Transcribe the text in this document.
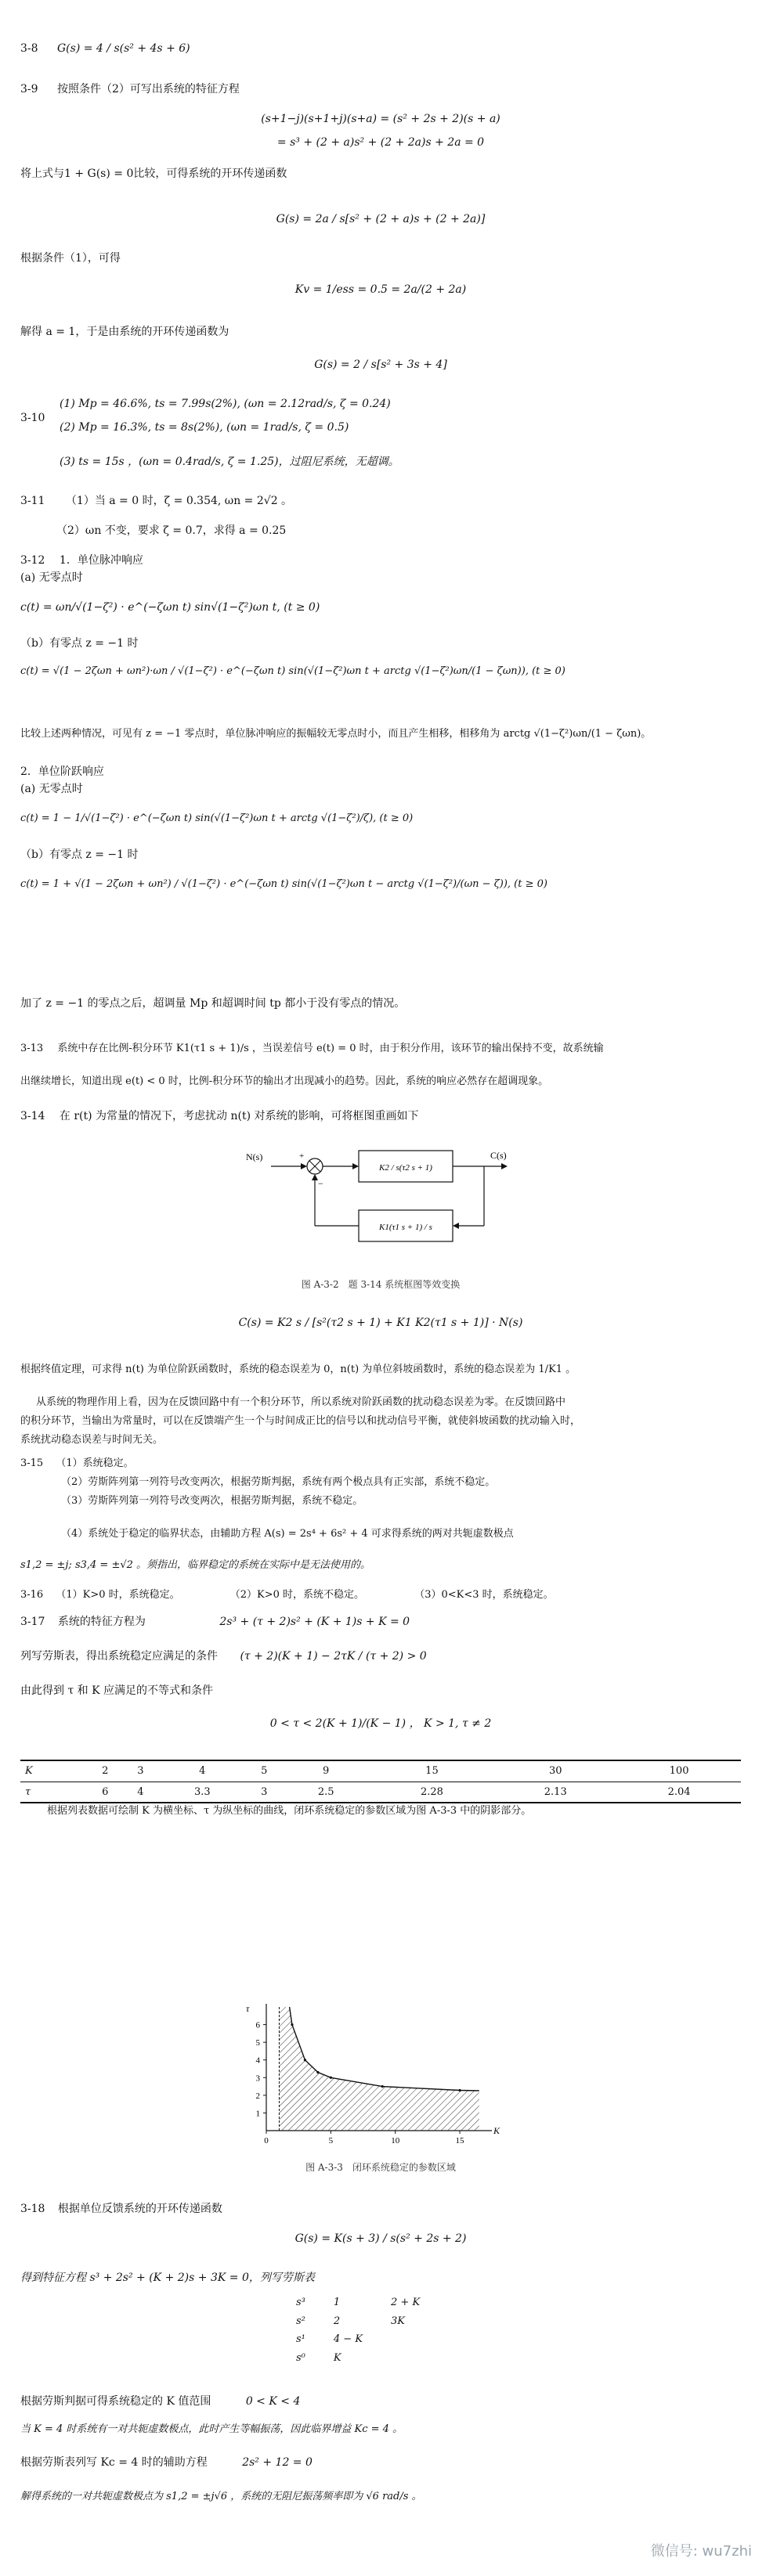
3-8 G(s) = 4 / s(s² + 4s + 6)
3-9 按照条件（2）可写出系统的特征方程
(s+1−j)(s+1+j)(s+a) = (s² + 2s + 2)(s + a)
= s³ + (2 + a)s² + (2 + 2a)s + 2a = 0
将上式与1 + G(s) = 0比较，可得系统的开环传递函数
G(s) = 2a / s[s² + (2 + a)s + (2 + 2a)]
根据条件（1），可得
Kv = 1/ess = 0.5 = 2a/(2 + 2a)
解得 a = 1，于是由系统的开环传递函数为
G(s) = 2 / s[s² + 3s + 4]
3-10
(1) Mp = 46.6%, ts = 7.99s(2%), (ωn = 2.12rad/s, ζ = 0.24)
(2) Mp = 16.3%, ts = 8s(2%), (ωn = 1rad/s, ζ = 0.5)
(3) ts = 15s ，(ωn = 0.4rad/s, ζ = 1.25)，过阻尼系统，无超调。
3-11 （1）当 a = 0 时，ζ = 0.354, ωn = 2√2 。
（2）ωn 不变，要求 ζ = 0.7，求得 a = 0.25
3-12 1．单位脉冲响应
(a) 无零点时
c(t) = ωn/√(1−ζ²) · e^(−ζωn t) sin√(1−ζ²)ωn t, (t ≥ 0)
（b）有零点 z = −1 时
c(t) = √(1 − 2ζωn + ωn²)·ωn / √(1−ζ²) · e^(−ζωn t) sin(√(1−ζ²)ωn t + arctg √(1−ζ²)ωn/(1 − ζωn)), (t ≥ 0)
比较上述两种情况，可见有 z = −1 零点时，单位脉冲响应的振幅较无零点时小，而且产生相移，相移角为 arctg √(1−ζ²)ωn/(1 − ζωn)。
2．单位阶跃响应
(a) 无零点时
c(t) = 1 − 1/√(1−ζ²) · e^(−ζωn t) sin(√(1−ζ²)ωn t + arctg √(1−ζ²)/ζ), (t ≥ 0)
（b）有零点 z = −1 时
c(t) = 1 + √(1 − 2ζωn + ωn²) / √(1−ζ²) · e^(−ζωn t) sin(√(1−ζ²)ωn t − arctg √(1−ζ²)/(ωn − ζ)), (t ≥ 0)
加了 z = −1 的零点之后，超调量 Mp 和超调时间 tp 都小于没有零点的情况。
3-13 系统中存在比例-积分环节 K1(τ1 s + 1)/s ，当误差信号 e(t) = 0 时，由于积分作用，该环节的输出保持不变，故系统输
出继续增长，知道出现 e(t) < 0 时，比例-积分环节的输出才出现减小的趋势。因此，系统的响应必然存在超调现象。
3-14 在 r(t) 为常量的情况下，考虑扰动 n(t) 对系统的影响，可将框图重画如下
N(s)	+
−
K2 / s(τ2 s + 1)
C(s)
K1(τ1 s + 1) / s
图 A-3-2　题 3-14 系统框图等效变换
C(s) = K2 s / [s²(τ2 s + 1) + K1 K2(τ1 s + 1)] · N(s)
根据终值定理，可求得 n(t) 为单位阶跃函数时，系统的稳态误差为 0，n(t) 为单位斜坡函数时，系统的稳态误差为 1/K1 。
从系统的物理作用上看，因为在反馈回路中有一个积分环节，所以系统对阶跃函数的扰动稳态误差为零。在反馈回路中
的积分环节，当输出为常量时，可以在反馈端产生一个与时间成正比的信号以和扰动信号平衡，就使斜坡函数的扰动输入时，
系统扰动稳态误差与时间无关。
3-15 （1）系统稳定。
（2）劳斯阵列第一列符号改变两次，根据劳斯判据，系统有两个极点具有正实部，系统不稳定。
（3）劳斯阵列第一列符号改变两次，根据劳斯判据，系统不稳定。
（4）系统处于稳定的临界状态，由辅助方程 A(s) = 2s⁴ + 6s² + 4 可求得系统的两对共轭虚数极点
s1,2 = ±j; s3,4 = ±√2 。须指出，临界稳定的系统在实际中是无法使用的。
3-16 （1）K>0 时，系统稳定。	（2）K>0 时，系统不稳定。	（3）0<K<3 时，系统稳定。
3-17 系统的特征方程为	2s³ + (τ + 2)s² + (K + 1)s + K = 0
列写劳斯表，得出系统稳定应满足的条件 (τ + 2)(K + 1) − 2τK / (τ + 2) > 0
由此得到 τ 和 K 应满足的不等式和条件
0 < τ < 2(K + 1)/(K − 1) ， K > 1, τ ≠ 2
K	2	3	4	5	9	15	30	100
τ	6	4	3.3	3	2.5	2.28	2.13	2.04
根据列表数据可绘制 K 为横坐标、τ 为纵坐标的曲线，闭环系统稳定的参数区域为图 A-3-3 中的阴影部分。
0	5	10	15
K
1
2
3
4
5
6
τ
图 A-3-3　闭环系统稳定的参数区域
3-18 根据单位反馈系统的开环传递函数
G(s) = K(s + 3) / s(s² + 2s + 2)
得到特征方程 s³ + 2s² + (K + 2)s + 3K = 0，列写劳斯表
s³	1	2 + K
s²	2	3K
s¹	4 − K	
s⁰	K	
根据劳斯判据可得系统稳定的 K 值范围	0 < K < 4
当 K = 4 时系统有一对共轭虚数极点，此时产生等幅振荡，因此临界增益 Kc = 4 。
根据劳斯表列写 Kc = 4 时的辅助方程	2s² + 12 = 0
解得系统的一对共轭虚数极点为 s1,2 = ±j√6 ，系统的无阻尼振荡频率即为 √6 rad/s 。
微信号: wu7zhi
